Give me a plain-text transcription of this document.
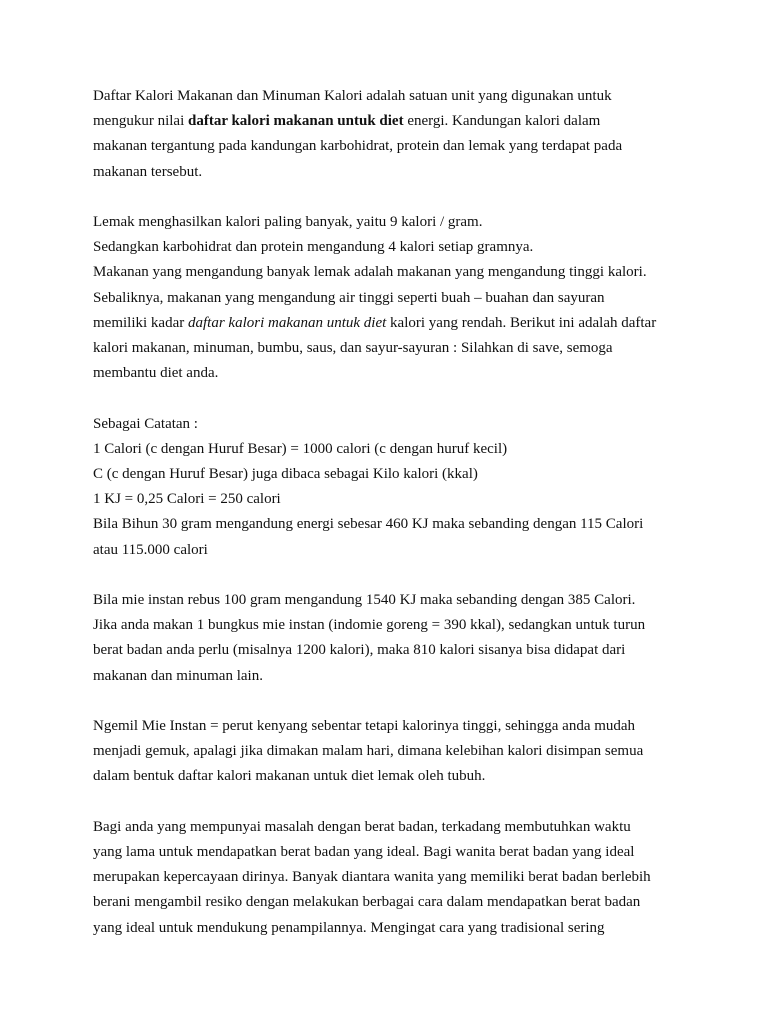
Daftar Kalori Makanan dan Minuman Kalori adalah satuan unit yang digunakan untuk
mengukur nilai daftar kalori makanan untuk diet energi. Kandungan kalori dalam
makanan tergantung pada kandungan karbohidrat, protein dan lemak yang terdapat pada
makanan tersebut.
Lemak menghasilkan kalori paling banyak, yaitu 9 kalori / gram.
Sedangkan karbohidrat dan protein mengandung 4 kalori setiap gramnya.
Makanan yang mengandung banyak lemak adalah makanan yang mengandung tinggi kalori.
Sebaliknya, makanan yang mengandung air tinggi seperti buah – buahan dan sayuran
memiliki kadar daftar kalori makanan untuk diet kalori yang rendah. Berikut ini adalah daftar
kalori makanan, minuman, bumbu, saus, dan sayur-sayuran : Silahkan di save, semoga
membantu diet anda.
Sebagai Catatan :
1 Calori (c dengan Huruf Besar) = 1000 calori (c dengan huruf kecil)
C (c dengan Huruf Besar) juga dibaca sebagai Kilo kalori (kkal)
1 KJ = 0,25 Calori = 250 calori
Bila Bihun 30 gram mengandung energi sebesar 460 KJ maka sebanding dengan 115 Calori
atau 115.000 calori
Bila mie instan rebus 100 gram mengandung 1540 KJ maka sebanding dengan 385 Calori.
Jika anda makan 1 bungkus mie instan (indomie goreng = 390 kkal), sedangkan untuk turun
berat badan anda perlu (misalnya 1200 kalori), maka 810 kalori sisanya bisa didapat dari
makanan dan minuman lain.
Ngemil Mie Instan = perut kenyang sebentar tetapi kalorinya tinggi, sehingga anda mudah
menjadi gemuk, apalagi jika dimakan malam hari, dimana kelebihan kalori disimpan semua
dalam bentuk daftar kalori makanan untuk diet lemak oleh tubuh.
Bagi anda yang mempunyai masalah dengan berat badan, terkadang membutuhkan waktu
yang lama untuk mendapatkan berat badan yang ideal. Bagi wanita berat badan yang ideal
merupakan kepercayaan dirinya. Banyak diantara wanita yang memiliki berat badan berlebih
berani mengambil resiko dengan melakukan berbagai cara dalam mendapatkan berat badan
yang ideal untuk mendukung penampilannya. Mengingat cara yang tradisional sering
